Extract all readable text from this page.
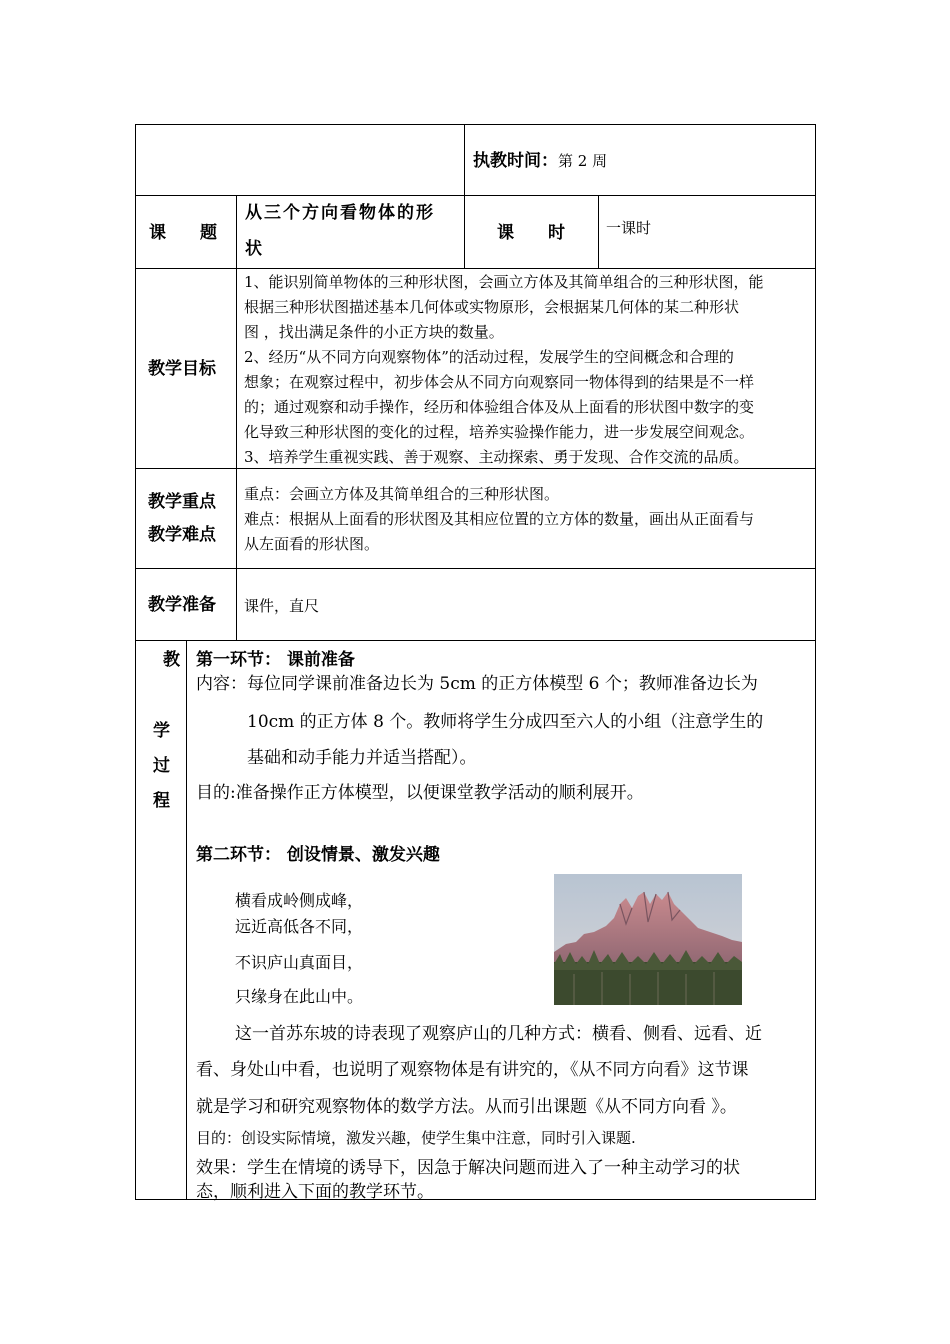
执教时间：第 2 周
课　　题
从三个方向看物体的形
状
课　　时	一课时
教学目标
1、能识别简单物体的三种形状图，会画立方体及其简单组合的三种形状图，能
根据三种形状图描述基本几何体或实物原形，会根据某几何体的某二种形状
图 ，找出满足条件的小正方块的数量。
2、经历“从不同方向观察物体”的活动过程，发展学生的空间概念和合理的
想象；在观察过程中，初步体会从不同方向观察同一物体得到的结果是不一样
的；通过观察和动手操作，经历和体验组合体及从上面看的形状图中数字的变
化导致三种形状图的变化的过程，培养实验操作能力，进一步发展空间观念。
3、培养学生重视实践、善于观察、主动探索、勇于发现、合作交流的品质。
教学重点
教学难点
重点：会画立方体及其简单组合的三种形状图。
难点：根据从上面看的形状图及其相应位置的立方体的数量，画出从正面看与
从左面看的形状图。
教学准备 课件，直尺
教
学
过
程
第一环节： 课前准备
内容：每位同学课前准备边长为 5cm 的正方体模型 6 个；教师准备边长为
10cm 的正方体 8 个。教师将学生分成四至六人的小组（注意学生的
基础和动手能力并适当搭配）。
目的:准备操作正方体模型，以便课堂教学活动的顺利展开。
第二环节： 创设情景、激发兴趣
横看成岭侧成峰，
远近高低各不同，
不识庐山真面目，
只缘身在此山中。
这一首苏东坡的诗表现了观察庐山的几种方式：横看、侧看、远看、近
看、身处山中看，也说明了观察物体是有讲究的，《从不同方向看》这节课
就是学习和研究观察物体的数学方法。从而引出课题《从不同方向看 》。
目的：创设实际情境，激发兴趣，使学生集中注意，同时引入课题.
效果：学生在情境的诱导下，因急于解决问题而进入了一种主动学习的状
态，顺利进入下面的教学环节。
